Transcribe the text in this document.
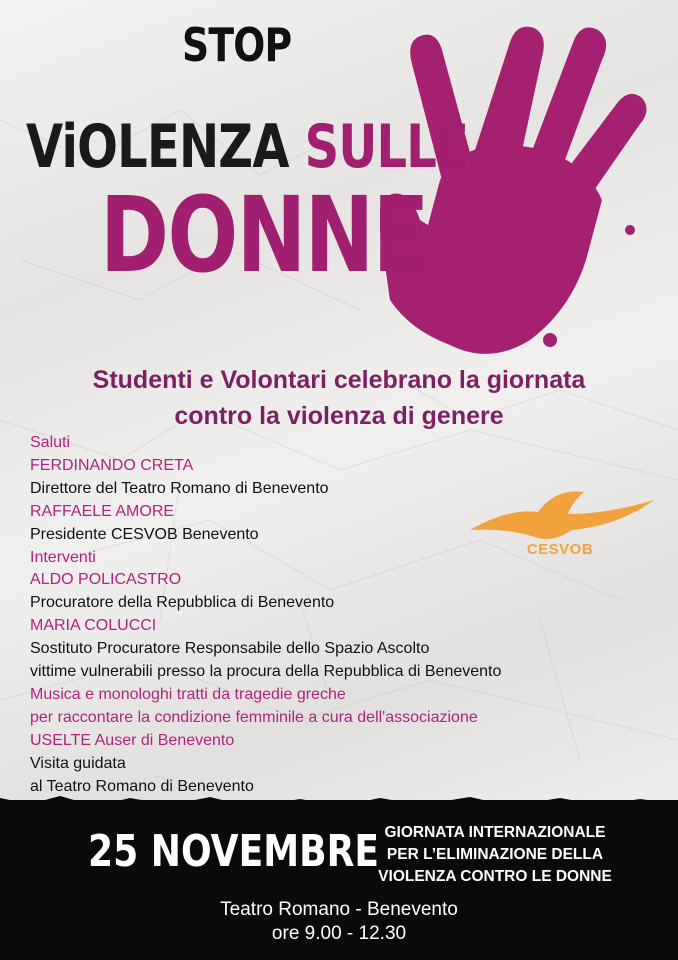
STOP
ViOLENZA SULLE
DONNE
Studenti e Volontari celebrano la giornata
contro la violenza di genere
Saluti
FERDINANDO CRETA
Direttore del Teatro Romano di Benevento
RAFFAELE AMORE
Presidente CESVOB Benevento
Interventi
ALDO POLICASTRO
Procuratore della Repubblica di Benevento
MARIA COLUCCI
Sostituto Procuratore Responsabile dello Spazio Ascolto
vittime vulnerabili presso la procura della Repubblica di Benevento
Musica e monologhi tratti da tragedie greche
per raccontare la condizione femminile a cura dell'associazione
USELTE Auser di Benevento
Visita guidata
al Teatro Romano di Benevento
CESVOB
25 NOVEMBRE GIORNATA INTERNAZIONALE
PER L’ELIMINAZIONE DELLA
VIOLENZA CONTRO LE DONNE
Teatro Romano - Benevento
ore 9.00 - 12.30
